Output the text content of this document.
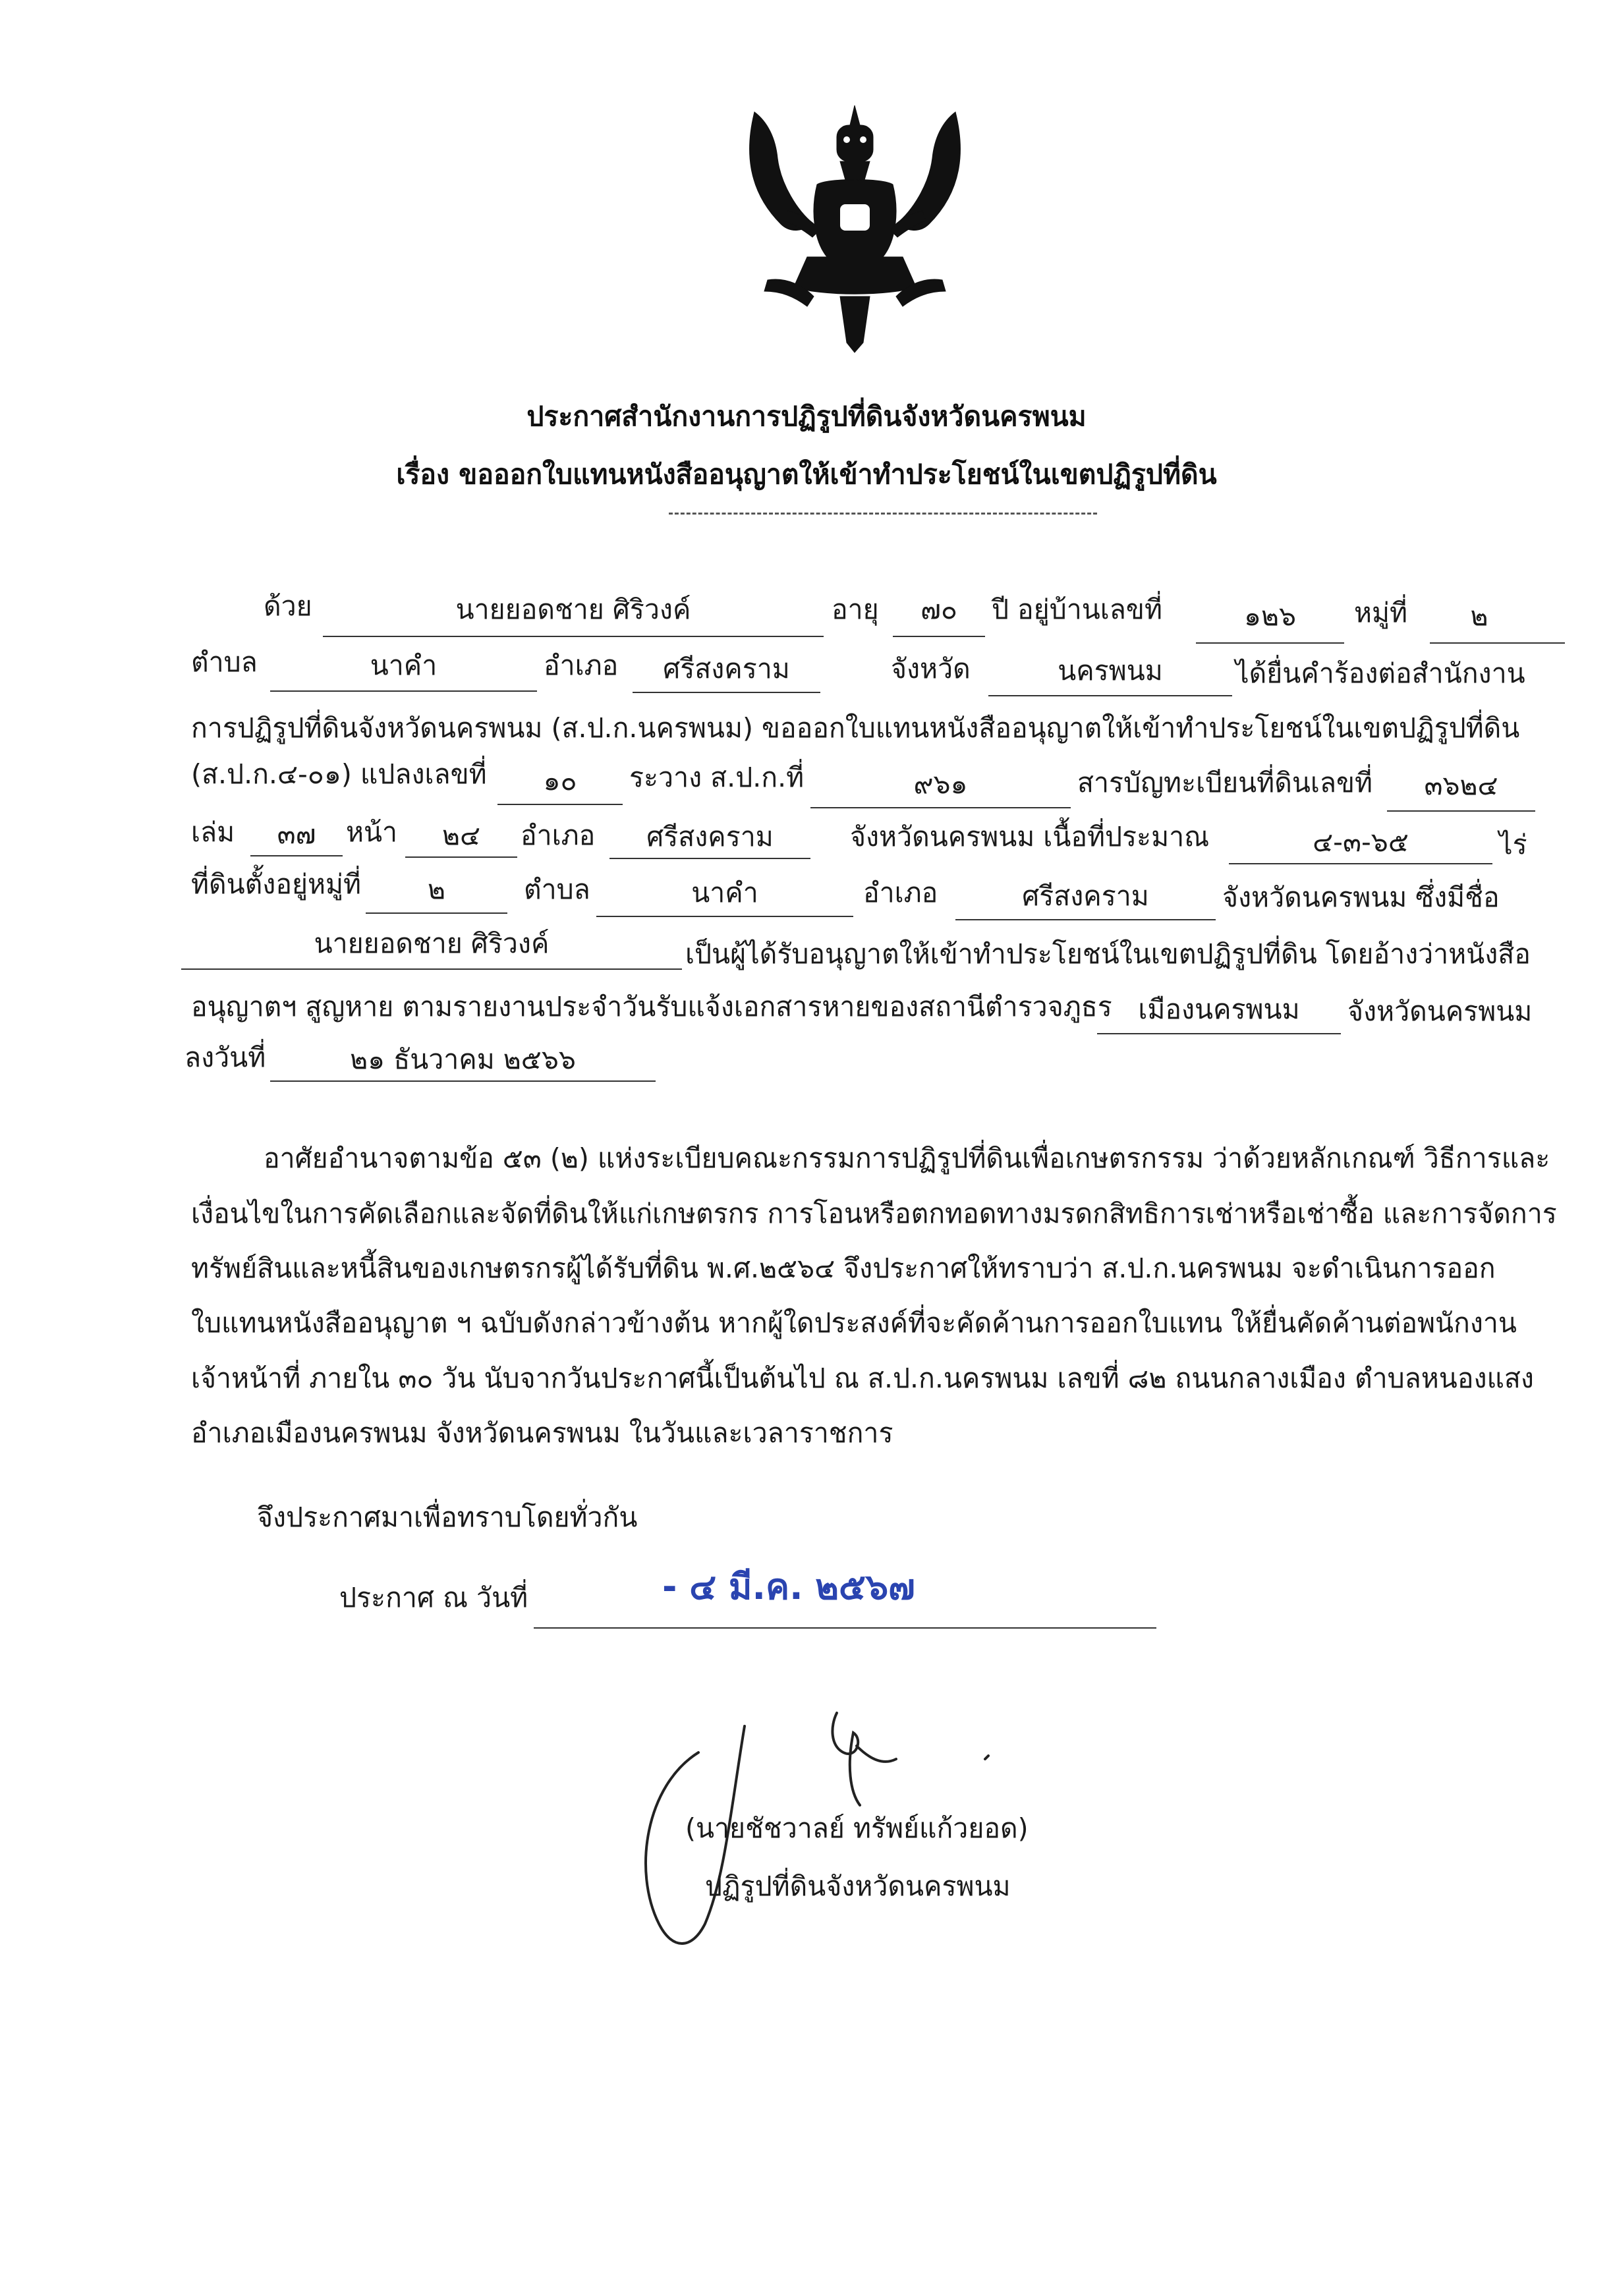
ประกาศสำนักงานการปฏิรูปที่ดินจังหวัดนครพนม
เรื่อง ขอออกใบแทนหนังสืออนุญาตให้เข้าทำประโยชน์ในเขตปฏิรูปที่ดิน
ด้วย	นายยอดชาย ศิริวงค์	อายุ	๗๐	ปี อยู่บ้านเลขที่	๑๒๖	หมู่ที่	๒
ตำบล	นาคำ	อำเภอ	ศรีสงคราม	จังหวัด	นครพนม	ได้ยื่นคำร้องต่อสำนักงาน
การปฏิรูปที่ดินจังหวัดนครพนม (ส.ป.ก.นครพนม) ขอออกใบแทนหนังสืออนุญาตให้เข้าทำประโยชน์ในเขตปฏิรูปที่ดิน
(ส.ป.ก.๔-๐๑) แปลงเลขที่	๑๐	ระวาง ส.ป.ก.ที่	๙๖๑	สารบัญทะเบียนที่ดินเลขที่	๓๖๒๔
เล่ม	๓๗	หน้า	๒๔	อำเภอ	ศรีสงคราม	จังหวัดนครพนม เนื้อที่ประมาณ	๔-๓-๖๕	ไร่
ที่ดินตั้งอยู่หมู่ที่	๒	ตำบล	นาคำ	อำเภอ	ศรีสงคราม	จังหวัดนครพนม ซึ่งมีชื่อ
นายยอดชาย ศิริวงค์	เป็นผู้ได้รับอนุญาตให้เข้าทำประโยชน์ในเขตปฏิรูปที่ดิน โดยอ้างว่าหนังสือ
อนุญาตฯ สูญหาย ตามรายงานประจำวันรับแจ้งเอกสารหายของสถานีตำรวจภูธร เมืองนครพนม	จังหวัดนครพนม
ลงวันที่	๒๑ ธันวาคม ๒๕๖๖
อาศัยอำนาจตามข้อ ๕๓ (๒) แห่งระเบียบคณะกรรมการปฏิรูปที่ดินเพื่อเกษตรกรรม ว่าด้วยหลักเกณฑ์ วิธีการและ
เงื่อนไขในการคัดเลือกและจัดที่ดินให้แก่เกษตรกร การโอนหรือตกทอดทางมรดกสิทธิการเช่าหรือเช่าซื้อ และการจัดการ
ทรัพย์สินและหนี้สินของเกษตรกรผู้ได้รับที่ดิน พ.ศ.๒๕๖๔ จึงประกาศให้ทราบว่า ส.ป.ก.นครพนม จะดำเนินการออก
ใบแทนหนังสืออนุญาต ฯ ฉบับดังกล่าวข้างต้น หากผู้ใดประสงค์ที่จะคัดค้านการออกใบแทน ให้ยื่นคัดค้านต่อพนักงาน
เจ้าหน้าที่ ภายใน ๓๐ วัน นับจากวันประกาศนี้เป็นต้นไป ณ ส.ป.ก.นครพนม เลขที่ ๘๒ ถนนกลางเมือง ตำบลหนองแสง
อำเภอเมืองนครพนม จังหวัดนครพนม ในวันและเวลาราชการ
จึงประกาศมาเพื่อทราบโดยทั่วกัน
ประกาศ ณ วันที่	- ๔ มี.ค. ๒๕๖๗
(นายชัชวาลย์ ทรัพย์แก้วยอด)
ปฏิรูปที่ดินจังหวัดนครพนม
